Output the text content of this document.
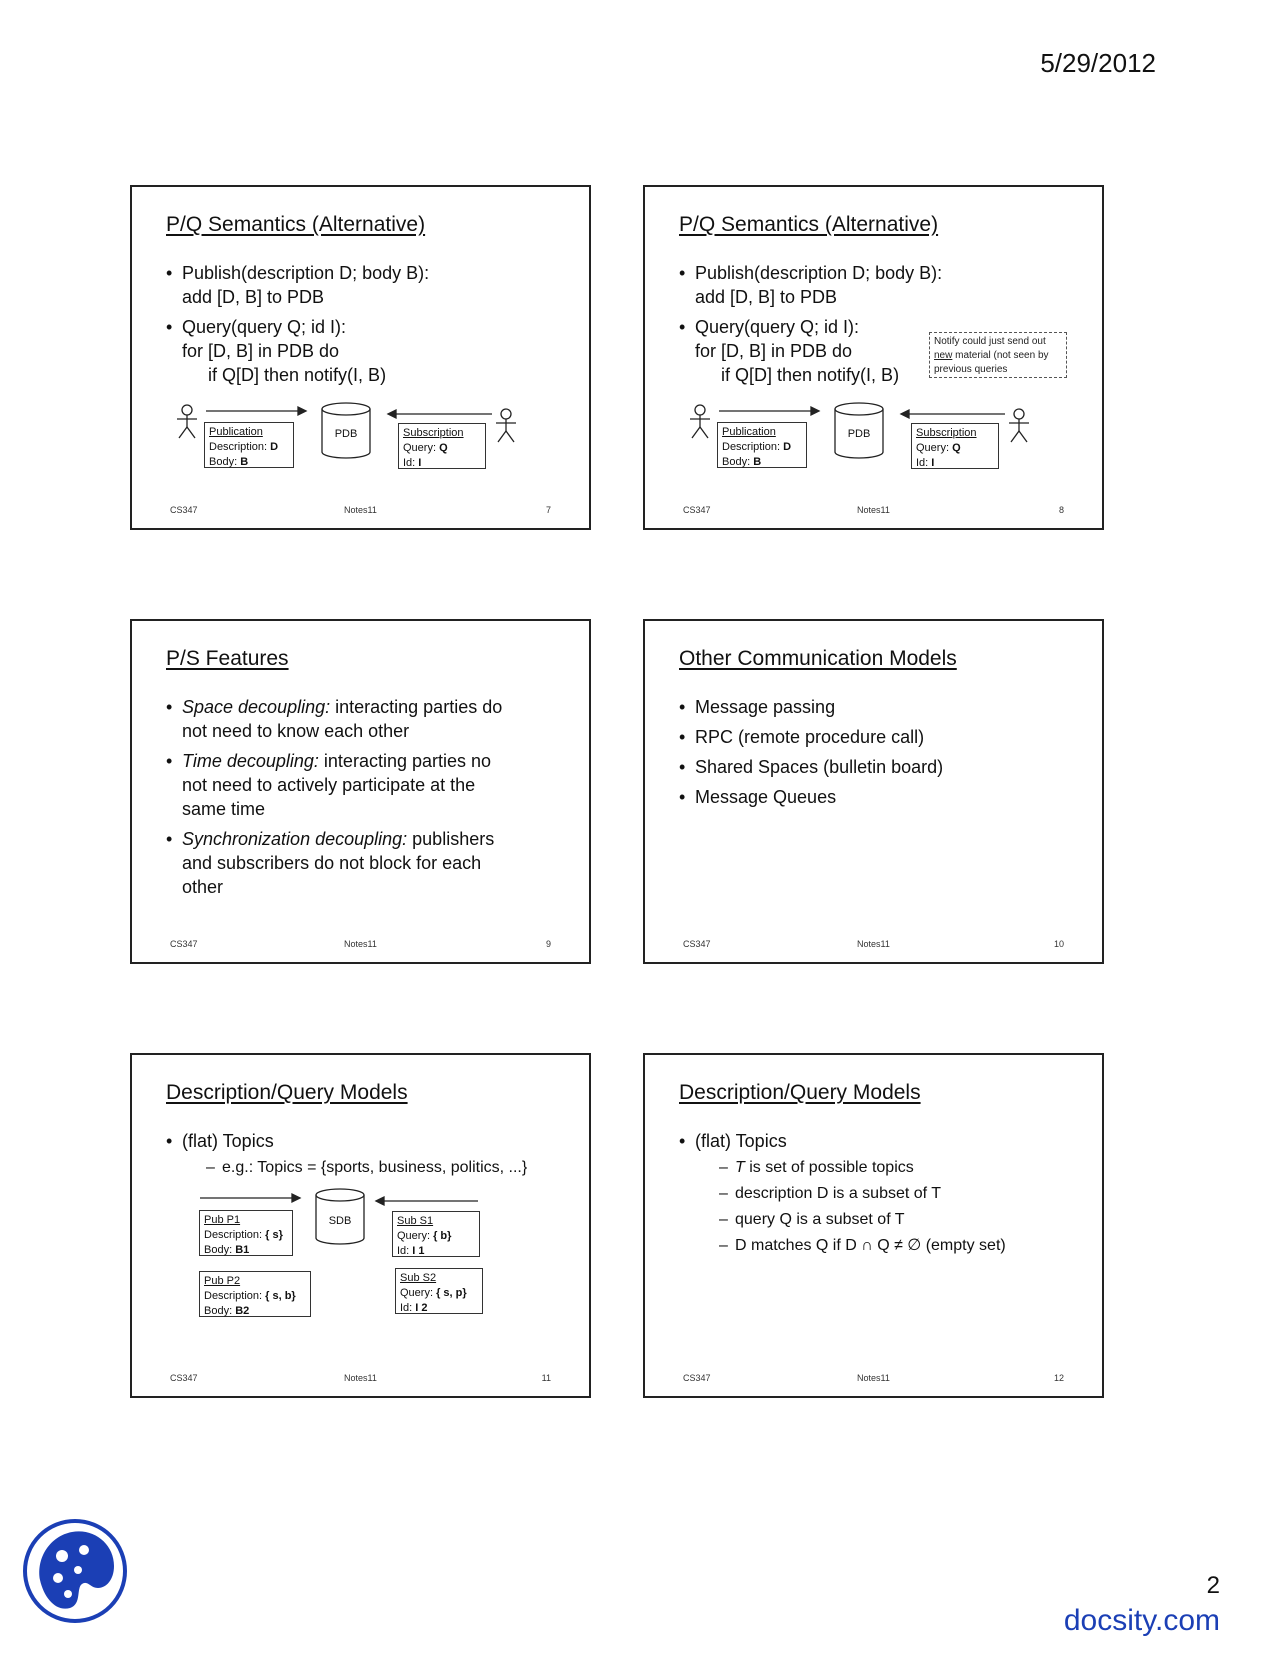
5/29/2012
P/Q Semantics (Alternative)
• Publish(description D; body B):
add [D, B] to PDB
• Query(query Q; id I):
for [D, B] in PDB do
if Q[D] then notify(I, B)
PDB
Publication
Description: D
Body: B
Subscription
Query: Q
Id: I
CS347	Notes11	7
P/Q Semantics (Alternative)
• Publish(description D; body B):
add [D, B] to PDB
• Query(query Q; id I):
for [D, B] in PDB do
if Q[D] then notify(I, B)
Notify could just send out
new material (not seen by
previous queries
PDB
Publication
Description: D
Body: B
Subscription
Query: Q
Id: I
CS347	Notes11	8
P/S Features
• Space decoupling: interacting parties do
not need to know each other
• Time decoupling: interacting parties no
not need to actively participate at the
same time
• Synchronization decoupling: publishers
and subscribers do not block for each
other
CS347	Notes11	9
Other Communication Models
• Message passing
• RPC (remote procedure call)
• Shared Spaces (bulletin board)
• Message Queues
CS347	Notes11	10
Description/Query Models
• (flat) Topics
– e.g.: Topics = {sports, business, politics, ...}
SDB
Pub P1
Description: { s}
Body: B1
Pub P2
Description: { s, b}
Body: B2
Sub S1
Query: { b}
Id: I 1
Sub S2
Query: { s, p}
Id: I 2
CS347	Notes11	11
Description/Query Models
• (flat) Topics
– T is set of possible topics
– description D is a subset of T
– query Q is a subset of T
– D matches Q if D ∩ Q ≠ ∅ (empty set)
CS347	Notes11	12
2
docsity.com
